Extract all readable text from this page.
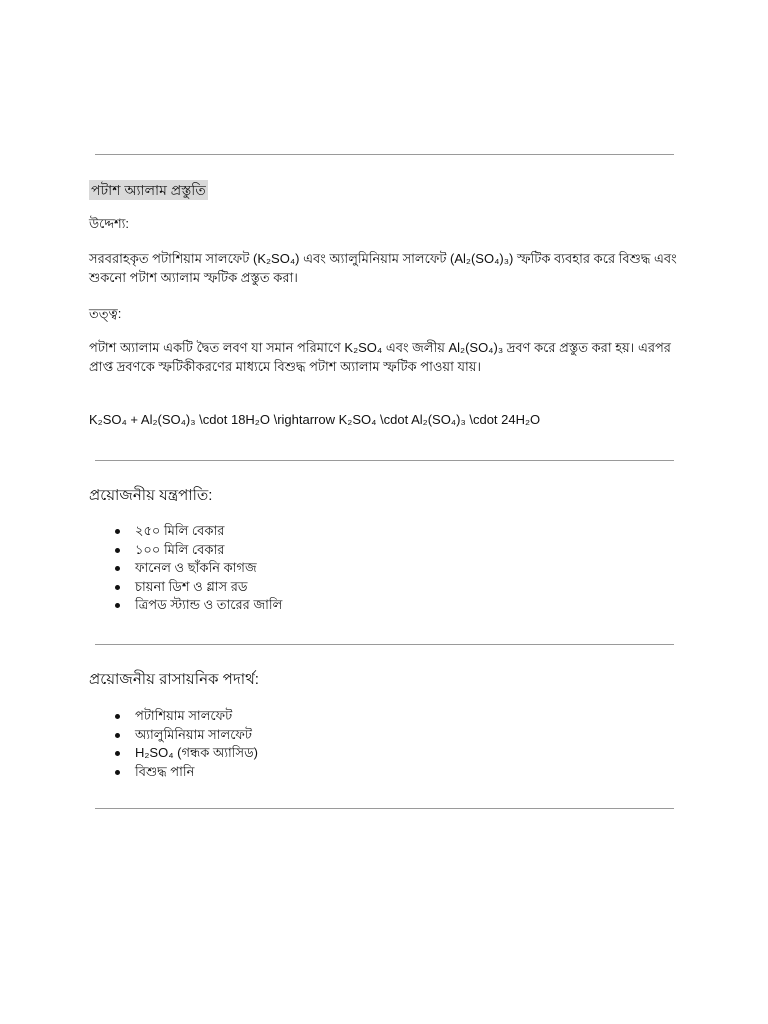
পটাশ অ্যালাম প্রস্তুতি
উদ্দেশ্য:
সরবরাহকৃত পটাশিয়াম সালফেট (K₂SO₄) এবং অ্যালুমিনিয়াম সালফেট (Al₂(SO₄)₃) স্ফটিক ব্যবহার করে বিশুদ্ধ এবং শুকনো পটাশ অ্যালাম স্ফটিক প্রস্তুত করা।
তত্ত্ব:
পটাশ অ্যালাম একটি দ্বৈত লবণ যা সমান পরিমাণে K₂SO₄ এবং জলীয় Al₂(SO₄)₃ দ্রবণ করে প্রস্তুত করা হয়। এরপর প্রাপ্ত দ্রবণকে স্ফটিকীকরণের মাধ্যমে বিশুদ্ধ পটাশ অ্যালাম স্ফটিক পাওয়া যায়।
K₂SO₄ + Al₂(SO₄)₃ \cdot 18H₂O \rightarrow K₂SO₄ \cdot Al₂(SO₄)₃ \cdot 24H₂O
প্রয়োজনীয় যন্ত্রপাতি:
২৫০ মিলি বেকার
১০০ মিলি বেকার
ফানেল ও ছাঁকনি কাগজ
চায়না ডিশ ও গ্লাস রড
ত্রিপড স্ট্যান্ড ও তারের জালি
প্রয়োজনীয় রাসায়নিক পদার্থ:
পটাশিয়াম সালফেট
অ্যালুমিনিয়াম সালফেট
H₂SO₄ (গন্ধক অ্যাসিড)
বিশুদ্ধ পানি
